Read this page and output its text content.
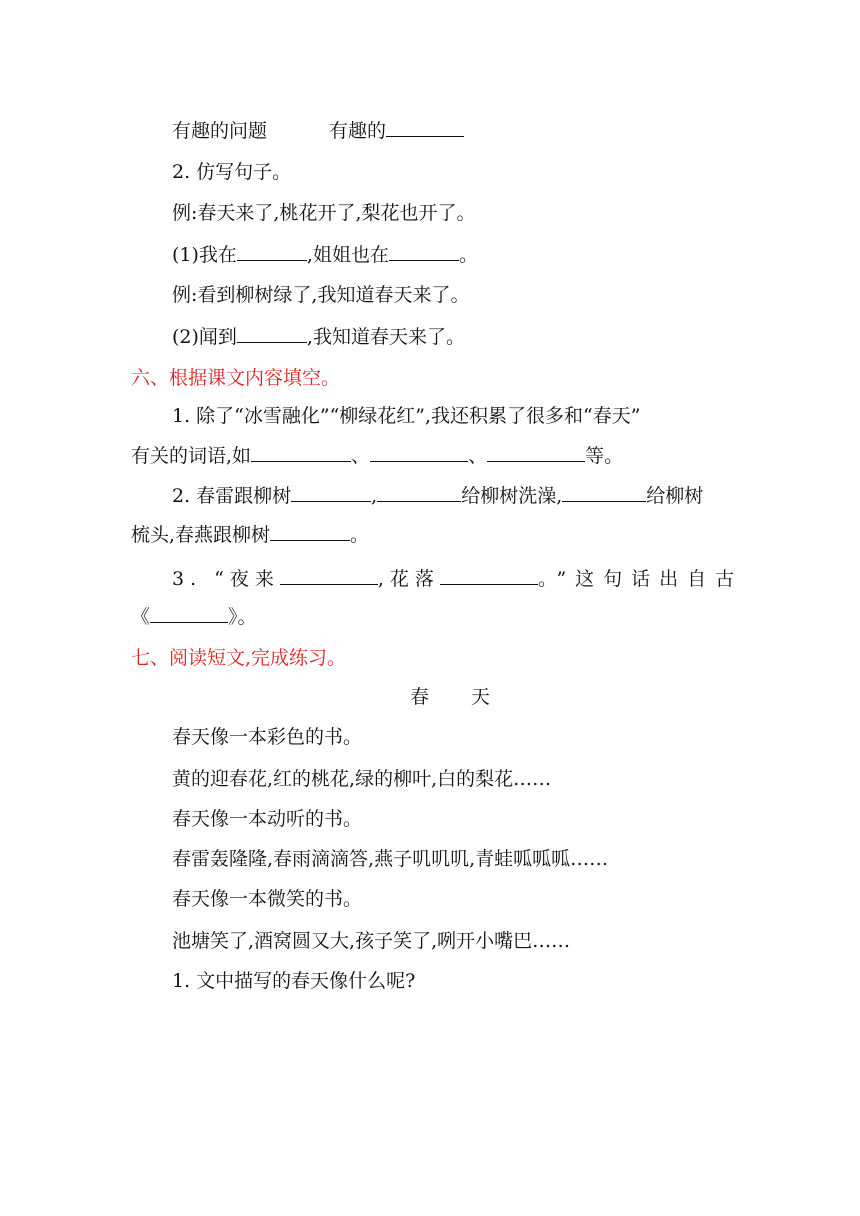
有趣的问题	有趣的
2. 仿写句子。
例:春天来了,桃花开了,梨花也开了。
(1)我在	,姐姐也在	。
例:看到柳树绿了,我知道春天来了。
(2)闻到	,我知道春天来了。
六、根据课文内容填空。
1. 除了“冰雪融化”“柳绿花红”,我还积累了很多和“春天”
有关的词语,如	、	、	等。
2. 春雷跟柳树	,	给柳树洗澡,	给柳树
梳头,春燕跟柳树	。
3. “夜来	,花落	。”这句话出自古
《	》。
七、阅读短文,完成练习。
春天
春天像一本彩色的书。
黄的迎春花,红的桃花,绿的柳叶,白的梨花……
春天像一本动听的书。
春雷轰隆隆,春雨滴滴答,燕子叽叽叽,青蛙呱呱呱……
春天像一本微笑的书。
池塘笑了,酒窝圆又大,孩子笑了,咧开小嘴巴……
1. 文中描写的春天像什么呢?
